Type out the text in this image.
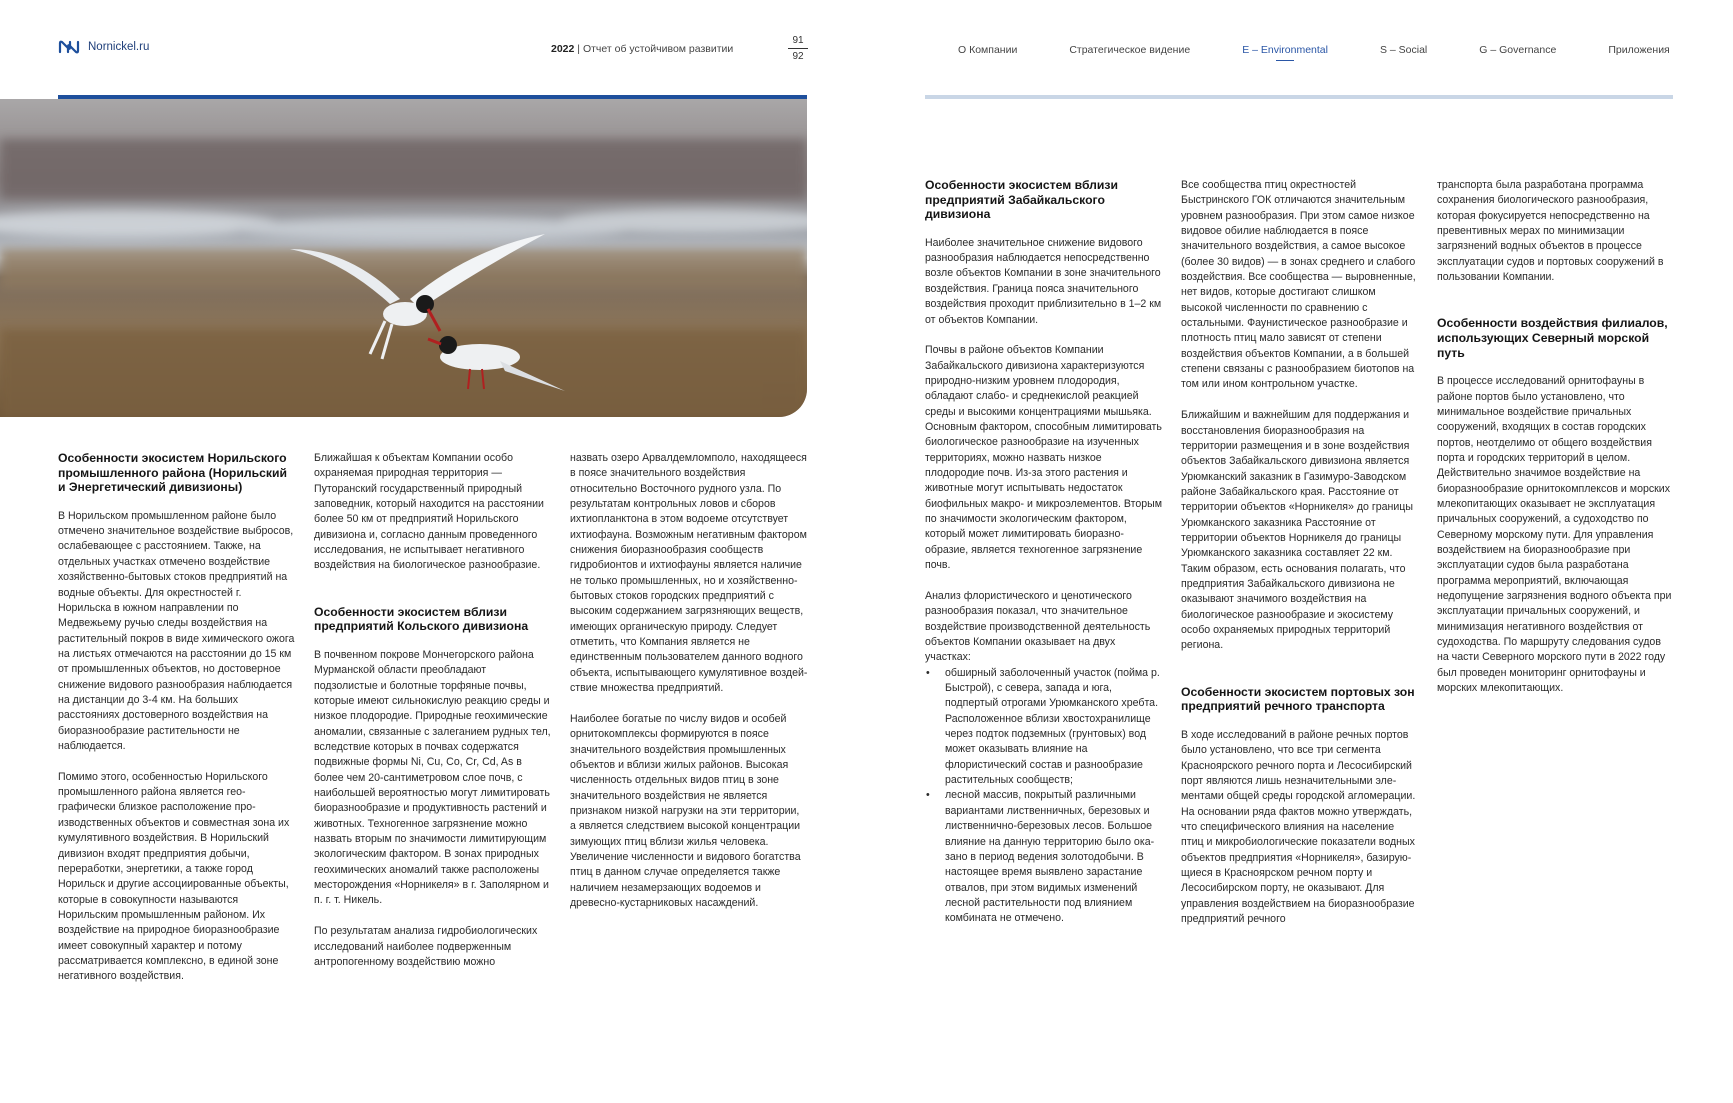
Nornickel.ru	2022 | Отчет об устойчивом развитии
91
92
О Компании	Стратегическое видение	E – Environmental	S – Social	G – Governance	Приложения
Особенности экосистем Норильского промышленного района (Норильский и Энергетический дивизионы)

В Норильском промышленном районе было отмечено значительное воздействие выбросов, ослабевающее с расстоянием. Также, на отдельных участках отмечено воздействие хозяйственно-бытовых стоков предприятий на водные объекты. Для окрестностей г. Норильска в южном направлении по Медвежьему ручью следы воздействия на растительный покров в виде химического ожога на листьях отмечаются на расстоянии до 15 км от промышленных объектов, но достоверное снижение видового разнообразия наблюдается на дистанции до 3-4 км. На больших расстояниях достоверного воздействия на биоразнообразие растительности не наблюдается.

Помимо этого, особенностью Норильского промышленного района является географически близкое расположение производственных объектов и совместная зона их кумулятивного воздействия. В Норильский дивизион входят предприятия добычи, переработки, энергетики, а также город Норильск и другие ассоциированные объекты, которые в совокупности называются Норильским промышленным районом. Их воздействие на природное биоразнообразие имеет совокупный характер и потому рассматривается комплексно, в единой зоне негативного воздействия.

Ближайшая к объектам Компании особо охраняемая природная территория — Путоранский государственный природный заповедник, который находится на расстоянии более 50 км от предприятий Норильского дивизиона и, согласно данным проведенного исследования, не испытывает негативного воздействия на биологическое разнообразие.

Особенности экосистем вблизи предприятий Кольского дивизиона

В почвенном покрове Мончегорского района Мурманской области преобладают подзолистые и болотные торфяные почвы, которые имеют сильнокислую реакцию среды и низкое плодородие. Природные геохимические аномалии, связанные с залеганием рудных тел, вследствие которых в почвах содержатся подвижные формы Ni, Cu, Co, Cr, Cd, As в более чем 20-сантиметровом слое почв, с наибольшей вероятностью могут лимитировать биоразнообразие и продуктивность растений и животных. Техногенное загрязнение можно назвать вторым по значимости лимитирующим экологическим фактором. В зонах природных геохимических аномалий также расположены месторождения «Норникеля» в г. Заполярном и п. г. т. Никель.

По результатам анализа гидробиологических исследований наиболее подверженным антропогенному воздействию можно

назвать озеро Арвалдемломполо, находящееся в поясе значительного воздействия относительно Восточного рудного узла. По результатам контрольных ловов и сборов ихтиопланктона в этом водоеме отсутствует ихтиофауна. Возможным негативным фактором снижения биоразнообразия сообществ гидробионтов и ихтиофауны является наличие не только промышленных, но и хозяйственно-бытовых стоков городских предприятий с высоким содержанием загрязняющих веществ, имеющих органическую природу. Следует отметить, что Компания является не единственным пользователем данного водного объекта, испытывающего кумулятивное воздействие множества предприятий.

Наиболее богатые по числу видов и особей орнитокомплексы формируются в поясе значительного воздействия промышленных объектов и вблизи жилых районов. Высокая численность отдельных видов птиц в зоне значительного воздействия не является признаком низкой нагрузки на эти территории, а является следствием высокой концентрации зимующих птиц вблизи жилья человека. Увеличение численности и видового богатства птиц в данном случае определяется также наличием незамерзающих водоемов и древесно-кустарниковых насаждений.

Особенности экосистем вблизи предприятий Забайкальского дивизиона

Наиболее значительное снижение видового разнообразия наблюдается непосредственно возле объектов Компании в зоне значительного воздействия. Граница пояса значительного воздействия проходит приблизительно в 1–2 км от объектов Компании.

Почвы в районе объектов Компании Забайкальского дивизиона характеризуются природно-низким уровнем плодородия, обладают слабо- и среднекислой реакцией среды и высокими концентрациями мышьяка. Основным фактором, способным лимитировать биологическое разнообразие на изученных территориях, можно назвать низкое плодородие почв. Из-за этого растения и животные могут испытывать недостаток биофильных макро- и микроэлементов. Вторым по значимости экологическим фактором, который может лимитировать биоразнообразие, является техногенное загрязнение почв.

Анализ флористического и ценотического разнообразия показал, что значительное воздействие производственной деятельность объектов Компании оказывает на двух участках:

• обширный заболоченный участок (пойма р. Быстрой), с севера, запада и юга, подпертый отрогами Урюмканского хребта. Расположенное вблизи хвостохранилище через подток подземных (грунтовых) вод может оказывать влияние на флористический состав и разнообразие растительных сообществ;
• лесной массив, покрытый различными вариантами лиственничных, березовых и лиственнично-березовых лесов. Большое влияние на данную территорию было оказано в период ведения золотодобычи. В настоящее время выявлено зарастание отвалов, при этом видимых изменений лесной растительности под влиянием комбината не отмечено.

Все сообщества птиц окрестностей Быстринского ГОК отличаются значительным уровнем разнообразия. При этом самое низкое видовое обилие наблюдается в поясе значительного воздействия, а самое высокое (более 30 видов) — в зонах среднего и слабого воздействия. Все сообщества — выровненные, нет видов, которые достигают слишком высокой численности по сравнению с остальными. Фаунистическое разнообразие и плотность птиц мало зависят от степени воздействия объектов Компании, а в большей степени связаны с разнообразием биотопов на том или ином контрольном участке.

Ближайшим и важнейшим для поддержания и восстановления биоразнообразия на территории размещения и в зоне воздействия объектов Забайкальского дивизиона является Урюмканский заказник в Газимуро-Заводском районе Забайкальского края. Расстояние от территории объектов «Норникеля» до границы Урюмканского заказника Расстояние от территории объектов Норникеля до границы Урюмканского заказника составляет 22 км. Таким образом, есть основания полагать, что предприятия Забайкальского дивизиона не оказывают значимого воздействия на биологическое разнообразие и экосистему особо охраняемых природных территорий региона.

Особенности экосистем портовых зон предприятий речного транспорта

В ходе исследований в районе речных портов было установлено, что все три сегмента Красноярского речного порта и Лесосибирский порт являются лишь незначительными элементами общей среды городской агломерации. На основании ряда фактов можно утверждать, что специфического влияния на население птиц и микробиологические показатели водных объектов предприятия «Норникеля», базирующиеся в Красноярском речном порту и Лесосибирском порту, не оказывают. Для управления воздействием на биоразнообразие предприятий речного

транспорта была разработана программа сохранения биологического разнообразия, которая фокусируется непосредственно на превентивных мерах по минимизации загрязнений водных объектов в процессе эксплуатации судов и портовых сооружений в пользовании Компании.

Особенности воздействия филиалов, использующих Северный морской путь

В процессе исследований орнитофауны в районе портов было установлено, что минимальное воздействие причальных сооружений, входящих в состав городских портов, неотделимо от общего воздействия порта и городских территорий в целом. Действительно значимое воздействие на биоразнообразие орнитокомплексов и морских млекопитающих оказывает не эксплуатация причальных сооружений, а судоходство по Северному морскому пути. Для управления воздействием на биоразнообразие при эксплуатации судов была разработана программа мероприятий, включающая недопущение загрязнения водного объекта при эксплуатации причальных сооружений, и минимизация негативного воздействия от судоходства. По маршруту следования судов на части Северного морского пути в 2022 году был проведен мониторинг орнитофауны и морских млекопитающих.
